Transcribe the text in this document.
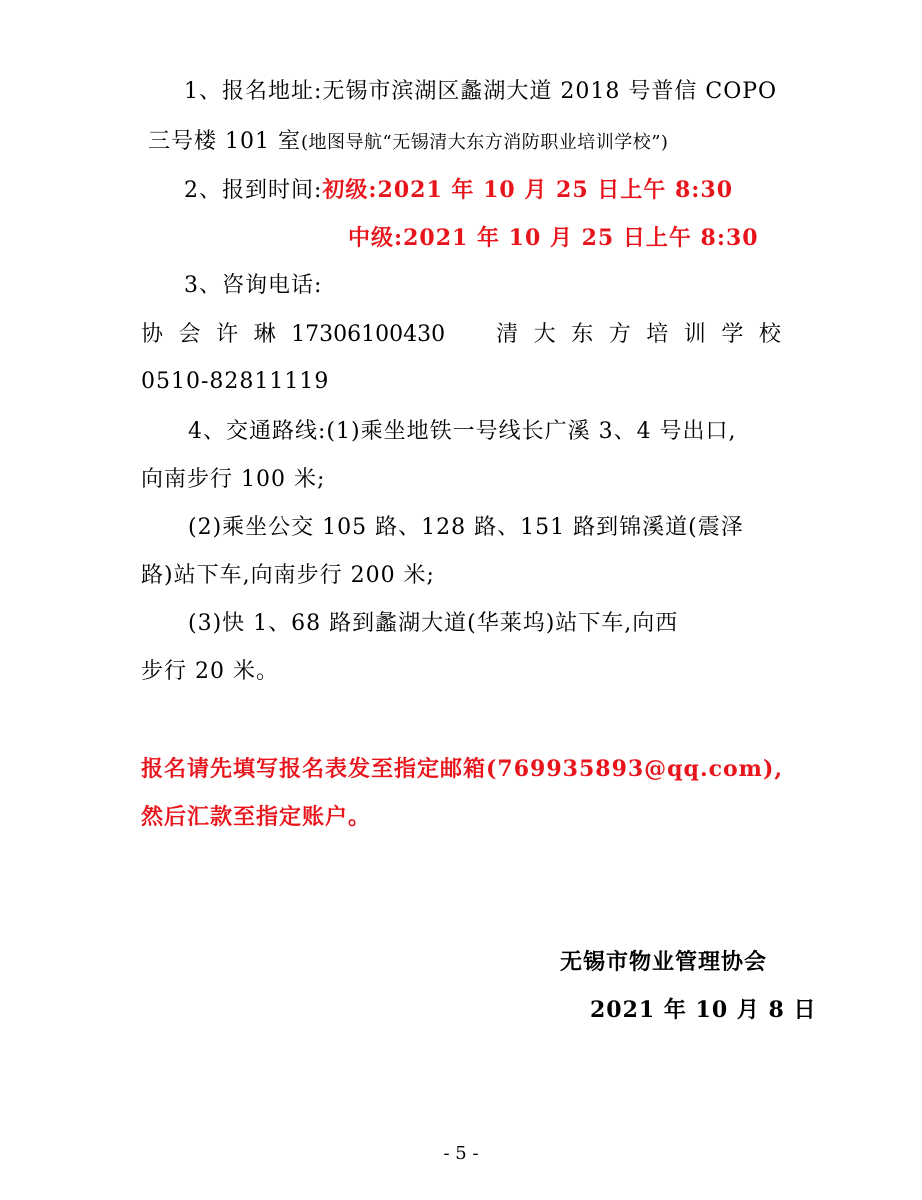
1、报名地址:无锡市滨湖区蠡湖大道 2018 号普信 COPO
三号楼 101 室(地图导航“无锡清大东方消防职业培训学校”)
2、报到时间:初级:2021 年 10 月 25 日上午 8:30
中级:2021 年 10 月 25 日上午 8:30
3、咨询电话:
协 会 许 琳 17306100430 清 大 东 方 培 训 学 校
0510-82811119
4、交通路线:(1)乘坐地铁一号线长广溪 3、4 号出口,
向南步行 100 米;
(2)乘坐公交 105 路、128 路、151 路到锦溪道(震泽
路)站下车,向南步行 200 米;
(3)快 1、68 路到蠡湖大道(华莱坞)站下车,向西
步行 20 米。
报名请先填写报名表发至指定邮箱(769935893@qq.com),
然后汇款至指定账户。
无锡市物业管理协会
2021 年 10 月 8 日
- 5 -
